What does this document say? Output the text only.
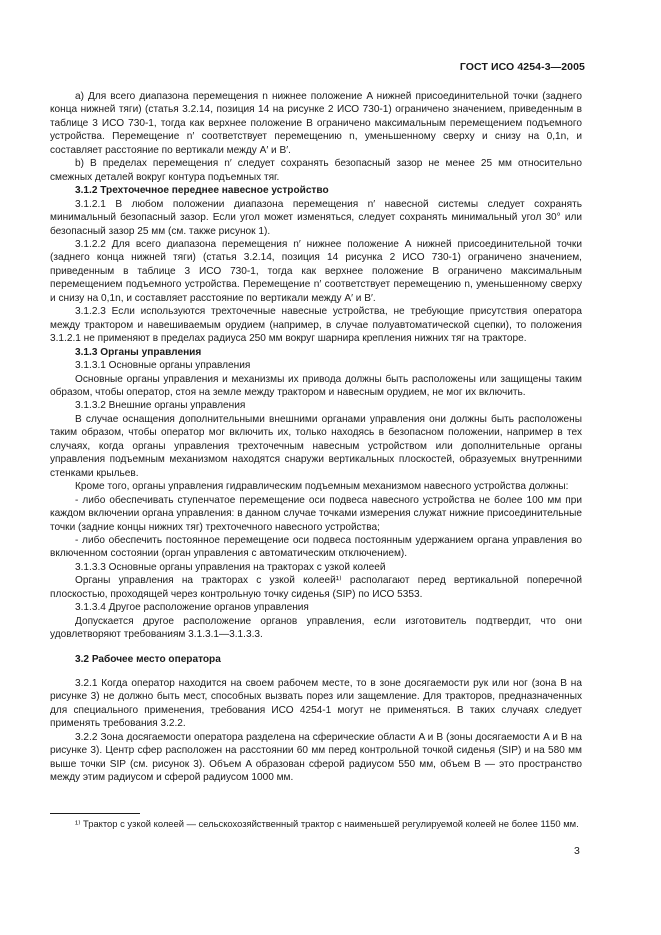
ГОСТ ИСО 4254-3—2005

а) Для всего диапазона перемещения n нижнее положение A нижней присоединительной точки (заднего конца нижней тяги) (статья 3.2.14, позиция 14 на рисунке 2 ИСО 730-1) ограничено значением, приведенным в таблице 3 ИСО 730-1, тогда как верхнее положение B ограничено максимальным перемещением подъемного устройства. Перемещение n′ соответствует перемещению n, уменьшенному сверху и снизу на 0,1n, и составляет расстояние по вертикали между A′ и B′.

b) В пределах перемещения n′ следует сохранять безопасный зазор не менее 25 мм относительно смежных деталей вокруг контура подъемных тяг.

3.1.2 Трехточечное переднее навесное устройство

3.1.2.1 В любом положении диапазона перемещения n′ навесной системы следует сохранять минимальный безопасный зазор. Если угол может изменяться, следует сохранять минимальный угол 30° или безопасный зазор 25 мм (см. также рисунок 1).

3.1.2.2 Для всего диапазона перемещения n′ нижнее положение A нижней присоединительной точки (заднего конца нижней тяги) (статья 3.2.14, позиция 14 рисунка 2 ИСО 730-1) ограничено значением, приведенным в таблице 3 ИСО 730-1, тогда как верхнее положение B ограничено максимальным перемещением подъемного устройства. Перемещение n′ соответствует перемещению n, уменьшенному сверху и снизу на 0,1n, и составляет расстояние по вертикали между A′ и B′.

3.1.2.3 Если используются трехточечные навесные устройства, не требующие присутствия оператора между трактором и навешиваемым орудием (например, в случае полуавтоматической сцепки), то положения 3.1.2.1 не применяют в пределах радиуса 250 мм вокруг шарнира крепления нижних тяг на тракторе.

3.1.3 Органы управления

3.1.3.1 Основные органы управления

Основные органы управления и механизмы их привода должны быть расположены или защищены таким образом, чтобы оператор, стоя на земле между трактором и навесным орудием, не мог их включить.

3.1.3.2 Внешние органы управления

В случае оснащения дополнительными внешними органами управления они должны быть расположены таким образом, чтобы оператор мог включить их, только находясь в безопасном положении, например в тех случаях, когда органы управления трехточечным навесным устройством или дополнительные органы управления подъемным механизмом находятся снаружи вертикальных плоскостей, образуемых внутренними стенками крыльев.

Кроме того, органы управления гидравлическим подъемным механизмом навесного устройства должны:

- либо обеспечивать ступенчатое перемещение оси подвеса навесного устройства не более 100 мм при каждом включении органа управления: в данном случае точками измерения служат нижние присоединительные точки (задние концы нижних тяг) трехточечного навесного устройства;

- либо обеспечить постоянное перемещение оси подвеса постоянным удержанием органа управления во включенном состоянии (орган управления с автоматическим отключением).

3.1.3.3 Основные органы управления на тракторах с узкой колеей

Органы управления на тракторах с узкой колеей¹⁾ располагают перед вертикальной поперечной плоскостью, проходящей через контрольную точку сиденья (SIP) по ИСО 5353.

3.1.3.4 Другое расположение органов управления

Допускается другое расположение органов управления, если изготовитель подтвердит, что они удовлетворяют требованиям 3.1.3.1—3.1.3.3.

3.2 Рабочее место оператора

3.2.1 Когда оператор находится на своем рабочем месте, то в зоне досягаемости рук или ног (зона B на рисунке 3) не должно быть мест, способных вызвать порез или защемление. Для тракторов, предназначенных для специального применения, требования ИСО 4254-1 могут не применяться. В таких случаях следует применять требования 3.2.2.

3.2.2 Зона досягаемости оператора разделена на сферические области A и B (зоны досягаемости A и B на рисунке 3). Центр сфер расположен на расстоянии 60 мм перед контрольной точкой сиденья (SIP) и на 580 мм выше точки SIP (см. рисунок 3). Объем A образован сферой радиусом 550 мм, объем B — это пространство между этим радиусом и сферой радиусом 1000 мм.

¹⁾ Трактор с узкой колеей — сельскохозяйственный трактор с наименьшей регулируемой колеей не более 1150 мм.
3
